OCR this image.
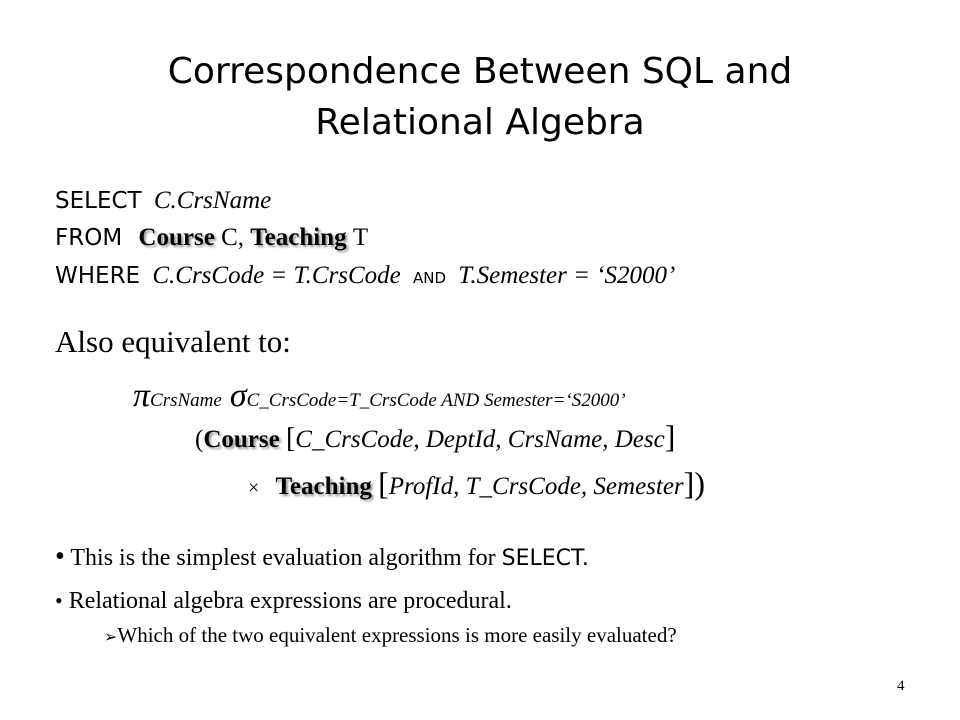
Correspondence Between SQL and
Relational Algebra
SELECT C.CrsName
FROM Course C, Teaching T
WHERE C.CrsCode = T.CrsCode AND T.Semester = ‘S2000’
Also equivalent to:
πCrsName σC_CrsCode=T_CrsCode AND Semester=‘S2000’
(Course [C_CrsCode, DeptId, CrsName, Desc]
× Teaching [ProfId, T_CrsCode, Semester])
• This is the simplest evaluation algorithm for SELECT.
• Relational algebra expressions are procedural.
➢Which of the two equivalent expressions is more easily evaluated?
4
